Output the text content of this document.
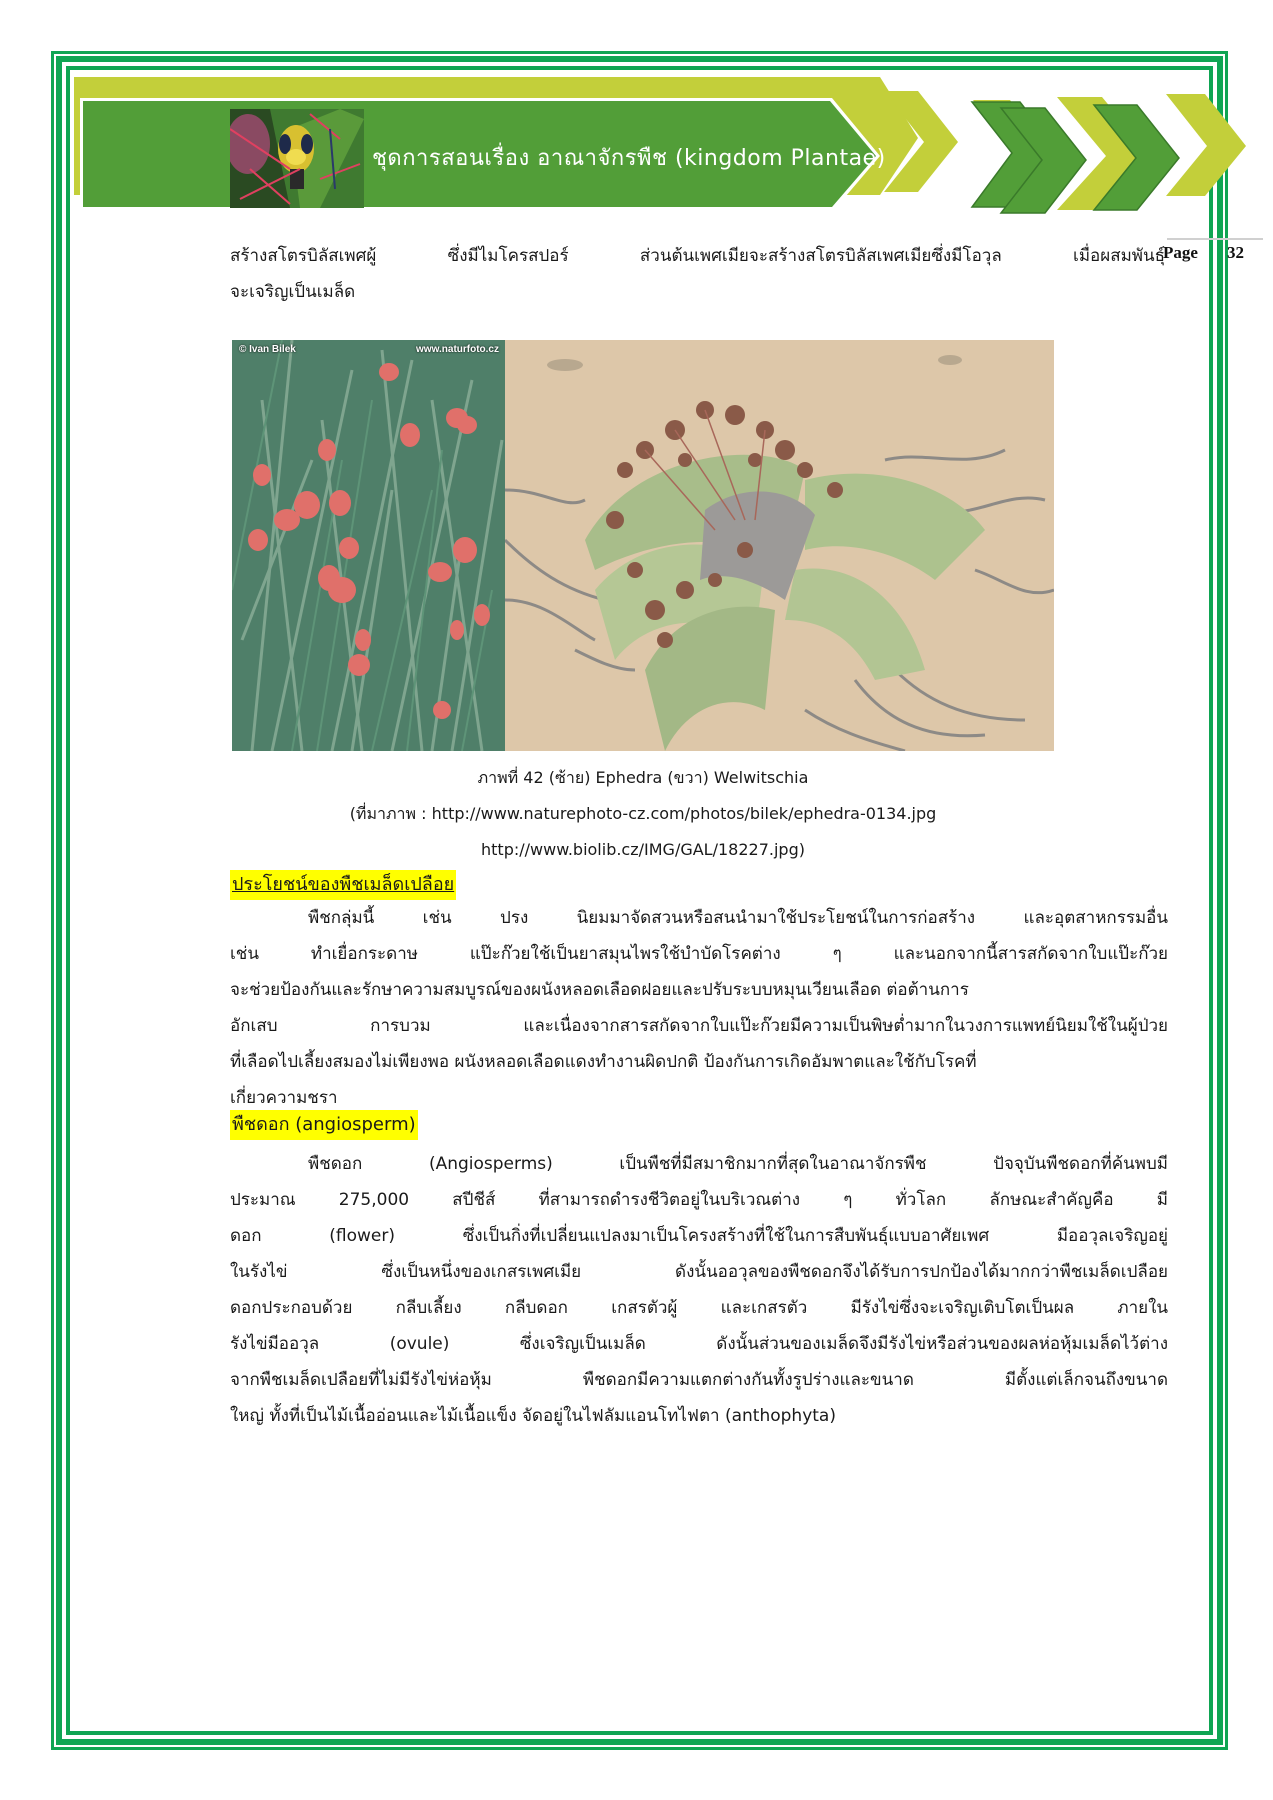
ชุดการสอนเรื่อง อาณาจักรพืช (kingdom Plantae)
Page 32
สร้างสโตรบิลัสเพศผู้ ซึ่งมีไมโครสปอร์ ส่วนต้นเพศเมียจะสร้างสโตรบิลัสเพศเมียซึ่งมีโอวุล เมื่อผสมพันธุ์
จะเจริญเป็นเมล็ด
© Ivan Bilek	www.naturfoto.cz
ภาพที่ 42 (ซ้าย) Ephedra (ขวา) Welwitschia
(ที่มาภาพ : http://www.naturephoto-cz.com/photos/bilek/ephedra-0134.jpg
http://www.biolib.cz/IMG/GAL/18227.jpg)
ประโยชน์ของพืชเมล็ดเปลือย
พืชกลุ่มนี้ เช่น ปรง นิยมมาจัดสวนหรือสนนำมาใช้ประโยชน์ในการก่อสร้าง และอุตสาหกรรมอื่น
เช่น ทำเยื่อกระดาษ แป๊ะก๊วยใช้เป็นยาสมุนไพรใช้บำบัดโรคต่าง ๆ และนอกจากนี้สารสกัดจากใบแป๊ะก๊วย
จะช่วยป้องกันและรักษาความสมบูรณ์ของผนังหลอดเลือดฝอยและปรับระบบหมุนเวียนเลือด ต่อต้านการ
อักเสบ การบวม และเนื่องจากสารสกัดจากใบแป๊ะก๊วยมีความเป็นพิษต่ำมากในวงการแพทย์นิยมใช้ในผู้ป่วย
ที่เลือดไปเลี้ยงสมองไม่เพียงพอ ผนังหลอดเลือดแดงทำงานผิดปกติ ป้องกันการเกิดอัมพาตและใช้กับโรคที่
เกี่ยวความชรา
พืชดอก (angiosperm)
พืชดอก (Angiosperms) เป็นพืชที่มีสมาชิกมากที่สุดในอาณาจักรพืช ปัจจุบันพืชดอกที่ค้นพบมี
ประมาณ 275,000 สปีชีส์ ที่สามารถดำรงชีวิตอยู่ในบริเวณต่าง ๆ ทั่วโลก ลักษณะสำคัญคือ มี
ดอก (flower) ซึ่งเป็นกิ่งที่เปลี่ยนแปลงมาเป็นโครงสร้างที่ใช้ในการสืบพันธุ์แบบอาศัยเพศ มีออวุลเจริญอยู่
ในรังไข่ ซึ่งเป็นหนึ่งของเกสรเพศเมีย ดังนั้นออวุลของพืชดอกจึงได้รับการปกป้องได้มากกว่าพืชเมล็ดเปลือย
ดอกประกอบด้วย กลีบเลี้ยง กลีบดอก เกสรตัวผู้ และเกสรตัว มีรังไข่ซึ่งจะเจริญเติบโตเป็นผล ภายใน
รังไข่มีออวุล (ovule) ซึ่งเจริญเป็นเมล็ด ดังนั้นส่วนของเมล็ดจึงมีรังไข่หรือส่วนของผลห่อหุ้มเมล็ดไว้ต่าง
จากพืชเมล็ดเปลือยที่ไม่มีรังไข่ห่อหุ้ม พืชดอกมีความแตกต่างกันทั้งรูปร่างและขนาด มีตั้งแต่เล็กจนถึงขนาด
ใหญ่ ทั้งที่เป็นไม้เนื้ออ่อนและไม้เนื้อแข็ง จัดอยู่ในไฟลัมแอนโทไฟตา (anthophyta)
